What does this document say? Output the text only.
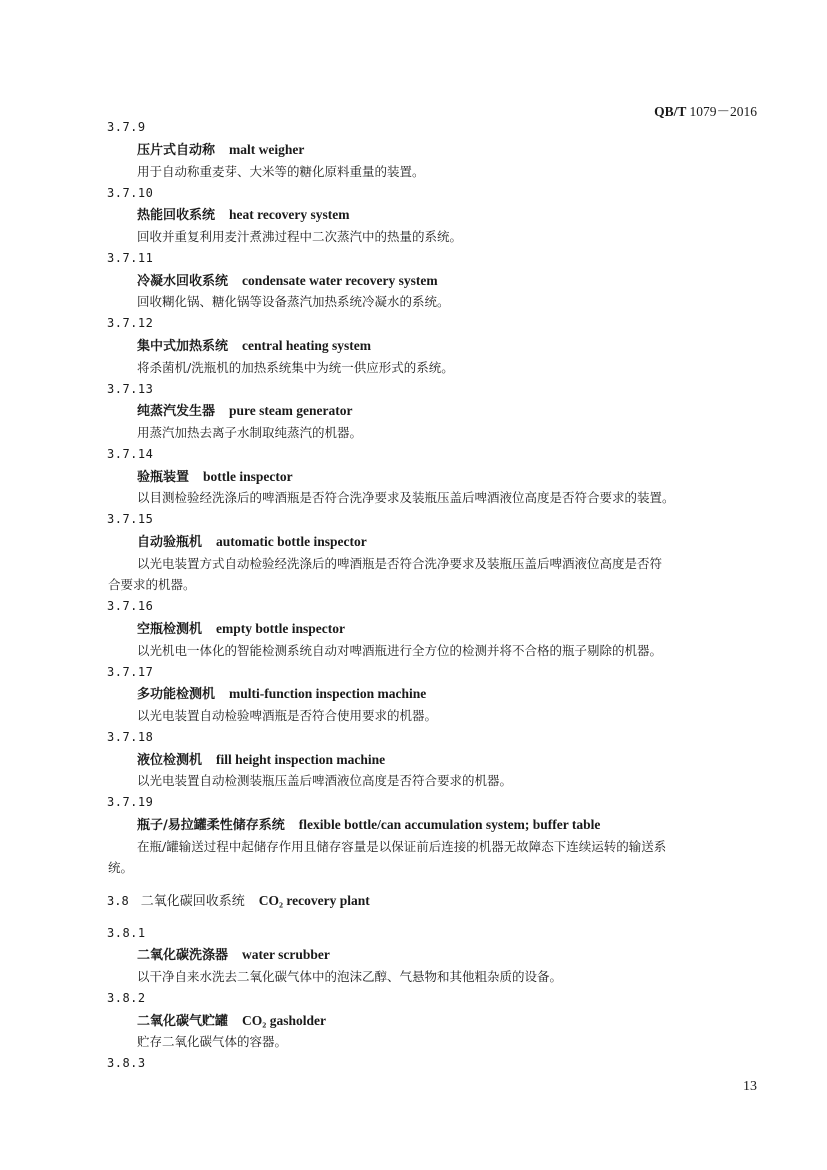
QB/T 1079－2016
3.7.9
压片式自动称 malt weigher
用于自动称重麦芽、大米等的糖化原料重量的装置。
3.7.10
热能回收系统 heat recovery system
回收并重复利用麦汁煮沸过程中二次蒸汽中的热量的系统。
3.7.11
冷凝水回收系统 condensate water recovery system
回收糊化锅、糖化锅等设备蒸汽加热系统冷凝水的系统。
3.7.12
集中式加热系统 central heating system
将杀菌机/洗瓶机的加热系统集中为统一供应形式的系统。
3.7.13
纯蒸汽发生器 pure steam generator
用蒸汽加热去离子水制取纯蒸汽的机器。
3.7.14
验瓶装置 bottle inspector
以目测检验经洗涤后的啤酒瓶是否符合洗净要求及装瓶压盖后啤酒液位高度是否符合要求的装置。
3.7.15
自动验瓶机 automatic bottle inspector
以光电装置方式自动检验经洗涤后的啤酒瓶是否符合洗净要求及装瓶压盖后啤酒液位高度是否符
合要求的机器。
3.7.16
空瓶检测机 empty bottle inspector
以光机电一体化的智能检测系统自动对啤酒瓶进行全方位的检测并将不合格的瓶子剔除的机器。
3.7.17
多功能检测机 multi-function inspection machine
以光电装置自动检验啤酒瓶是否符合使用要求的机器。
3.7.18
液位检测机 fill height inspection machine
以光电装置自动检测装瓶压盖后啤酒液位高度是否符合要求的机器。
3.7.19
瓶子/易拉罐柔性储存系统 flexible bottle/can accumulation system; buffer table
在瓶/罐输送过程中起储存作用且储存容量是以保证前后连接的机器无故障态下连续运转的输送系
统。
3.8 二氧化碳回收系统 CO₂ recovery plant
3.8.1
二氧化碳洗涤器 water scrubber
以干净自来水洗去二氧化碳气体中的泡沫乙醇、气悬物和其他粗杂质的设备。
3.8.2
二氧化碳气贮罐 CO₂ gasholder
贮存二氧化碳气体的容器。
3.8.3
13
